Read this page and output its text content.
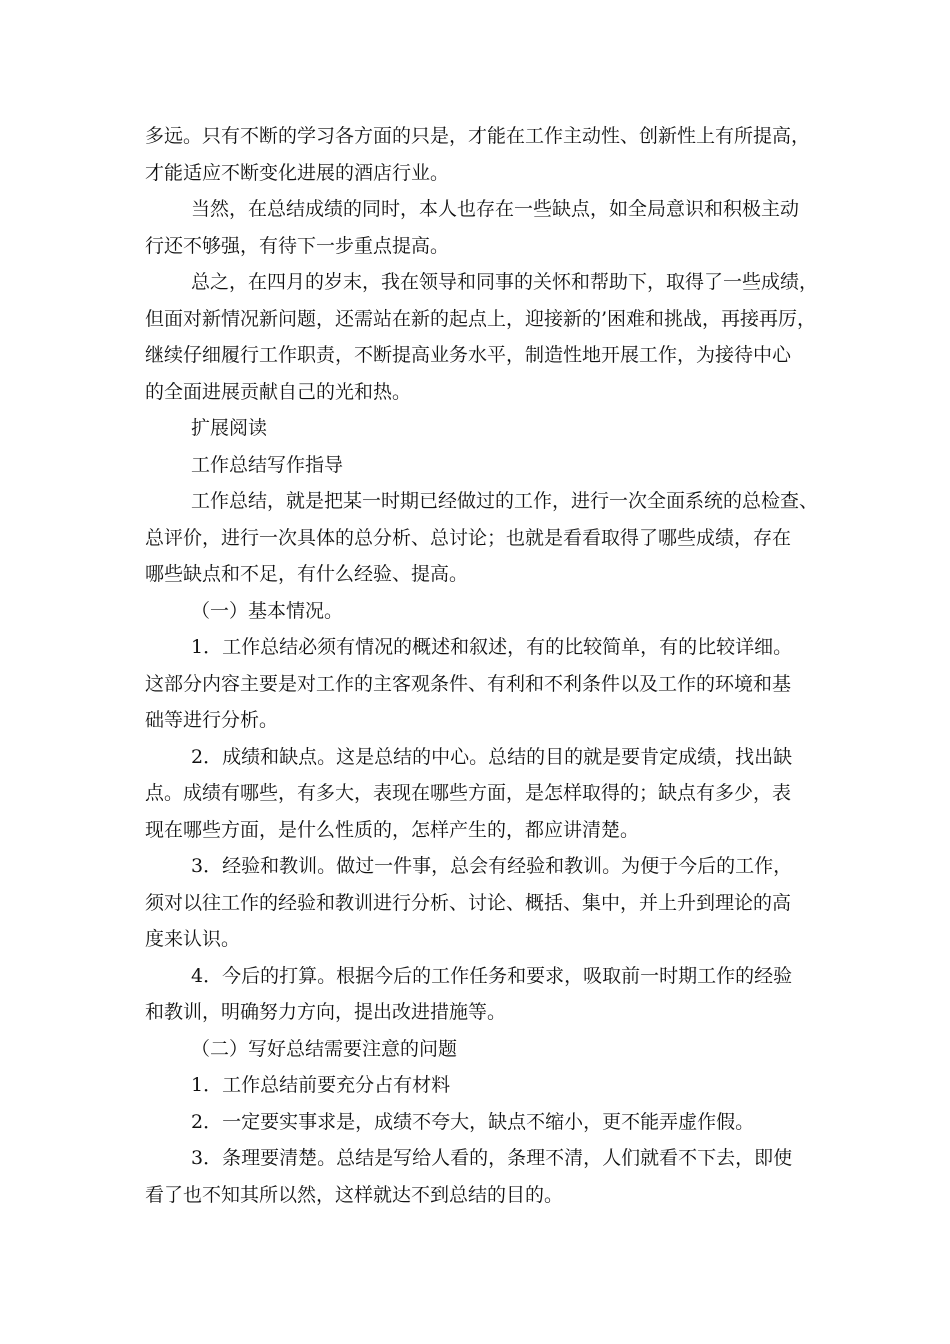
多远。只有不断的学习各方面的只是，才能在工作主动性、创新性上有所提高，
才能适应不断变化进展的酒店行业。
当然，在总结成绩的同时，本人也存在一些缺点，如全局意识和积极主动
行还不够强，有待下一步重点提高。
总之，在四月的岁末，我在领导和同事的关怀和帮助下，取得了一些成绩，
但面对新情况新问题，还需站在新的起点上，迎接新的’困难和挑战，再接再厉，
继续仔细履行工作职责，不断提高业务水平，制造性地开展工作，为接待中心
的全面进展贡献自己的光和热。
扩展阅读
工作总结写作指导
工作总结，就是把某一时期已经做过的工作，进行一次全面系统的总检查、
总评价，进行一次具体的总分析、总讨论；也就是看看取得了哪些成绩，存在
哪些缺点和不足，有什么经验、提高。
（一）基本情况。
1．工作总结必须有情况的概述和叙述，有的比较简单，有的比较详细。
这部分内容主要是对工作的主客观条件、有利和不利条件以及工作的环境和基
础等进行分析。
2．成绩和缺点。这是总结的中心。总结的目的就是要肯定成绩，找出缺
点。成绩有哪些，有多大，表现在哪些方面，是怎样取得的；缺点有多少，表
现在哪些方面，是什么性质的，怎样产生的，都应讲清楚。
3．经验和教训。做过一件事，总会有经验和教训。为便于今后的工作，
须对以往工作的经验和教训进行分析、讨论、概括、集中，并上升到理论的高
度来认识。
4．今后的打算。根据今后的工作任务和要求，吸取前一时期工作的经验
和教训，明确努力方向，提出改进措施等。
（二）写好总结需要注意的问题
1．工作总结前要充分占有材料
2．一定要实事求是，成绩不夸大，缺点不缩小，更不能弄虚作假。
3．条理要清楚。总结是写给人看的，条理不清，人们就看不下去，即使
看了也不知其所以然，这样就达不到总结的目的。
